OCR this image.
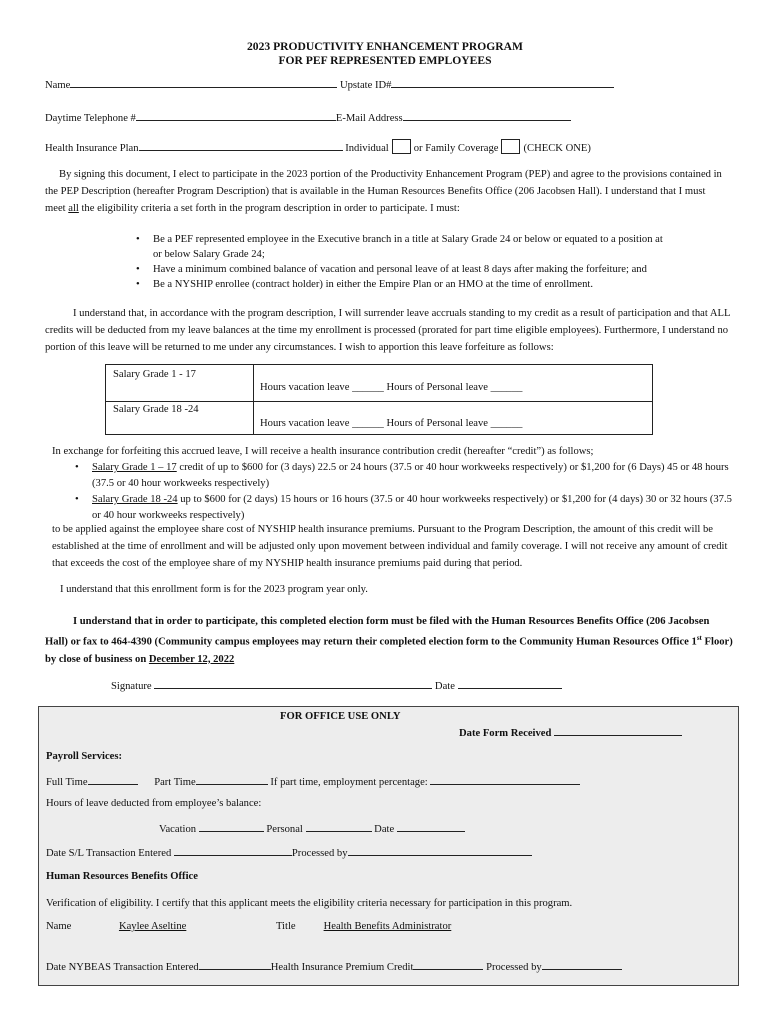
2023 PRODUCTIVITY ENHANCEMENT PROGRAM
FOR PEF REPRESENTED EMPLOYEES
Name	Upstate ID#
Daytime Telephone #	E-Mail Address
Health Insurance Plan	Individual or Family Coverage (CHECK ONE)

By signing this document, I elect to participate in the 2023 portion of the Productivity Enhancement Program (PEP) and agree to the provisions contained in the PEP Description (hereafter Program Description) that is available in the Human Resources Benefits Office (206 Jacobsen Hall). I understand that I must meet all the eligibility criteria a set forth in the program description in order to participate. I must:

• Be a PEF represented employee in the Executive branch in a title at Salary Grade 24 or below or equated to a position at or below Salary Grade 24;
• Have a minimum combined balance of vacation and personal leave of at least 8 days after making the forfeiture; and
• Be a NYSHIP enrollee (contract holder) in either the Empire Plan or an HMO at the time of enrollment.

I understand that, in accordance with the program description, I will surrender leave accruals standing to my credit as a result of participation and that ALL credits will be deducted from my leave balances at the time my enrollment is processed (prorated for part time eligible employees). Furthermore, I understand no portion of this leave will be returned to me under any circumstances. I wish to apportion this leave forfeiture as follows:

Salary Grade 1 - 17	Hours vacation leave ______ Hours of Personal leave ______
Salary Grade 18 -24	Hours vacation leave ______ Hours of Personal leave ______
In exchange for forfeiting this accrued leave, I will receive a health insurance contribution credit (hereafter “credit”) as follows;
• Salary Grade 1 – 17 credit of up to $600 for (3 days) 22.5 or 24 hours (37.5 or 40 hour workweeks respectively) or $1,200 for (6 Days) 45 or 48 hours (37.5 or 40 hour workweeks respectively)
• Salary Grade 18 -24 up to $600 for (2 days) 15 hours or 16 hours (37.5 or 40 hour workweeks respectively) or $1,200 for (4 days) 30 or 32 hours (37.5 or 40 hour workweeks respectively)

to be applied against the employee share cost of NYSHIP health insurance premiums. Pursuant to the Program Description, the amount of this credit will be established at the time of enrollment and will be adjusted only upon movement between individual and family coverage. I will not receive any amount of credit that exceeds the cost of the employee share of my NYSHIP health insurance premiums paid during that period.

I understand that this enrollment form is for the 2023 program year only.

I understand that in order to participate, this completed election form must be filed with the Human Resources Benefits Office (206 Jacobsen Hall) or fax to 464-4390 (Community campus employees may return their completed election form to the Community Human Resources Office 1st Floor) by close of business on December 12, 2022

Signature	Date
FOR OFFICE USE ONLY
Date Form Received
Payroll Services:
Full Time	Part Time	If part time, employment percentage:
Hours of leave deducted from employee’s balance:
Vacation	Personal	Date
Date S/L Transaction Entered	Processed by
Human Resources Benefits Office
Verification of eligibility. I certify that this applicant meets the eligibility criteria necessary for participation in this program.
Name	Kaylee Aseltine	Title	Health Benefits Administrator
Date NYBEAS Transaction Entered	Health Insurance Premium Credit	Processed by
